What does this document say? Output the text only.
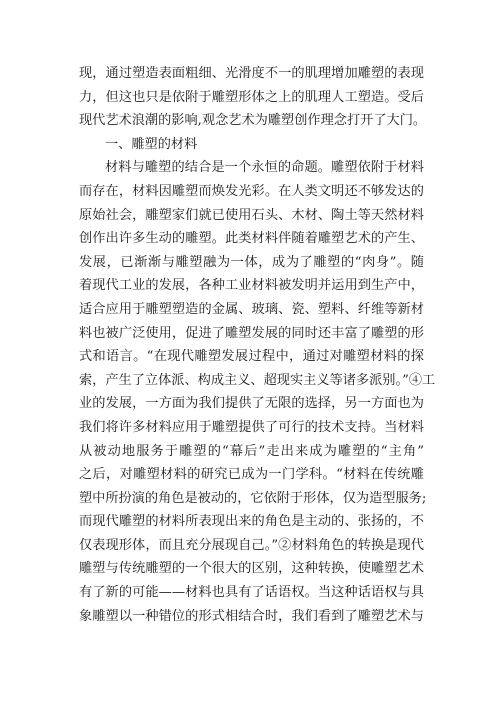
现，通过塑造表面粗细、光滑度不一的肌理增加雕塑的表现
力，但这也只是依附于雕塑形体之上的肌理人工塑造。受后
现代艺术浪潮的影响,观念艺术为雕塑创作理念打开了大门。
一、雕塑的材料
材料与雕塑的结合是一个永恒的命题。雕塑依附于材料
而存在，材料因雕塑而焕发光彩。在人类文明还不够发达的
原始社会，雕塑家们就已使用石头、木材、陶土等天然材料
创作出许多生动的雕塑。此类材料伴随着雕塑艺术的产生、
发展，已渐渐与雕塑融为一体，成为了雕塑的“肉身”。随
着现代工业的发展，各种工业材料被发明并运用到生产中，
适合应用于雕塑塑造的金属、玻璃、瓷、塑料、纤维等新材
料也被广泛使用，促进了雕塑发展的同时还丰富了雕塑的形
式和语言。“在现代雕塑发展过程中，通过对雕塑材料的探
索，产生了立体派、构成主义、超现实主义等诸多派别。”④工
业的发展，一方面为我们提供了无限的选择，另一方面也为
我们将许多材料应用于雕塑提供了可行的技术支持。当材料
从被动地服务于雕塑的“幕后”走出来成为雕塑的“主角”
之后，对雕塑材料的研究已成为一门学科。“材料在传统雕
塑中所扮演的角色是被动的，它依附于形体，仅为造型服务;
而现代雕塑的材料所表现出来的角色是主动的、张扬的，不
仅表现形体，而且充分展现自己。”②材料角色的转换是现代
雕塑与传统雕塑的一个很大的区别，这种转换，使雕塑艺术
有了新的可能——材料也具有了话语权。当这种话语权与具
象雕塑以一种错位的形式相结合时，我们看到了雕塑艺术与
